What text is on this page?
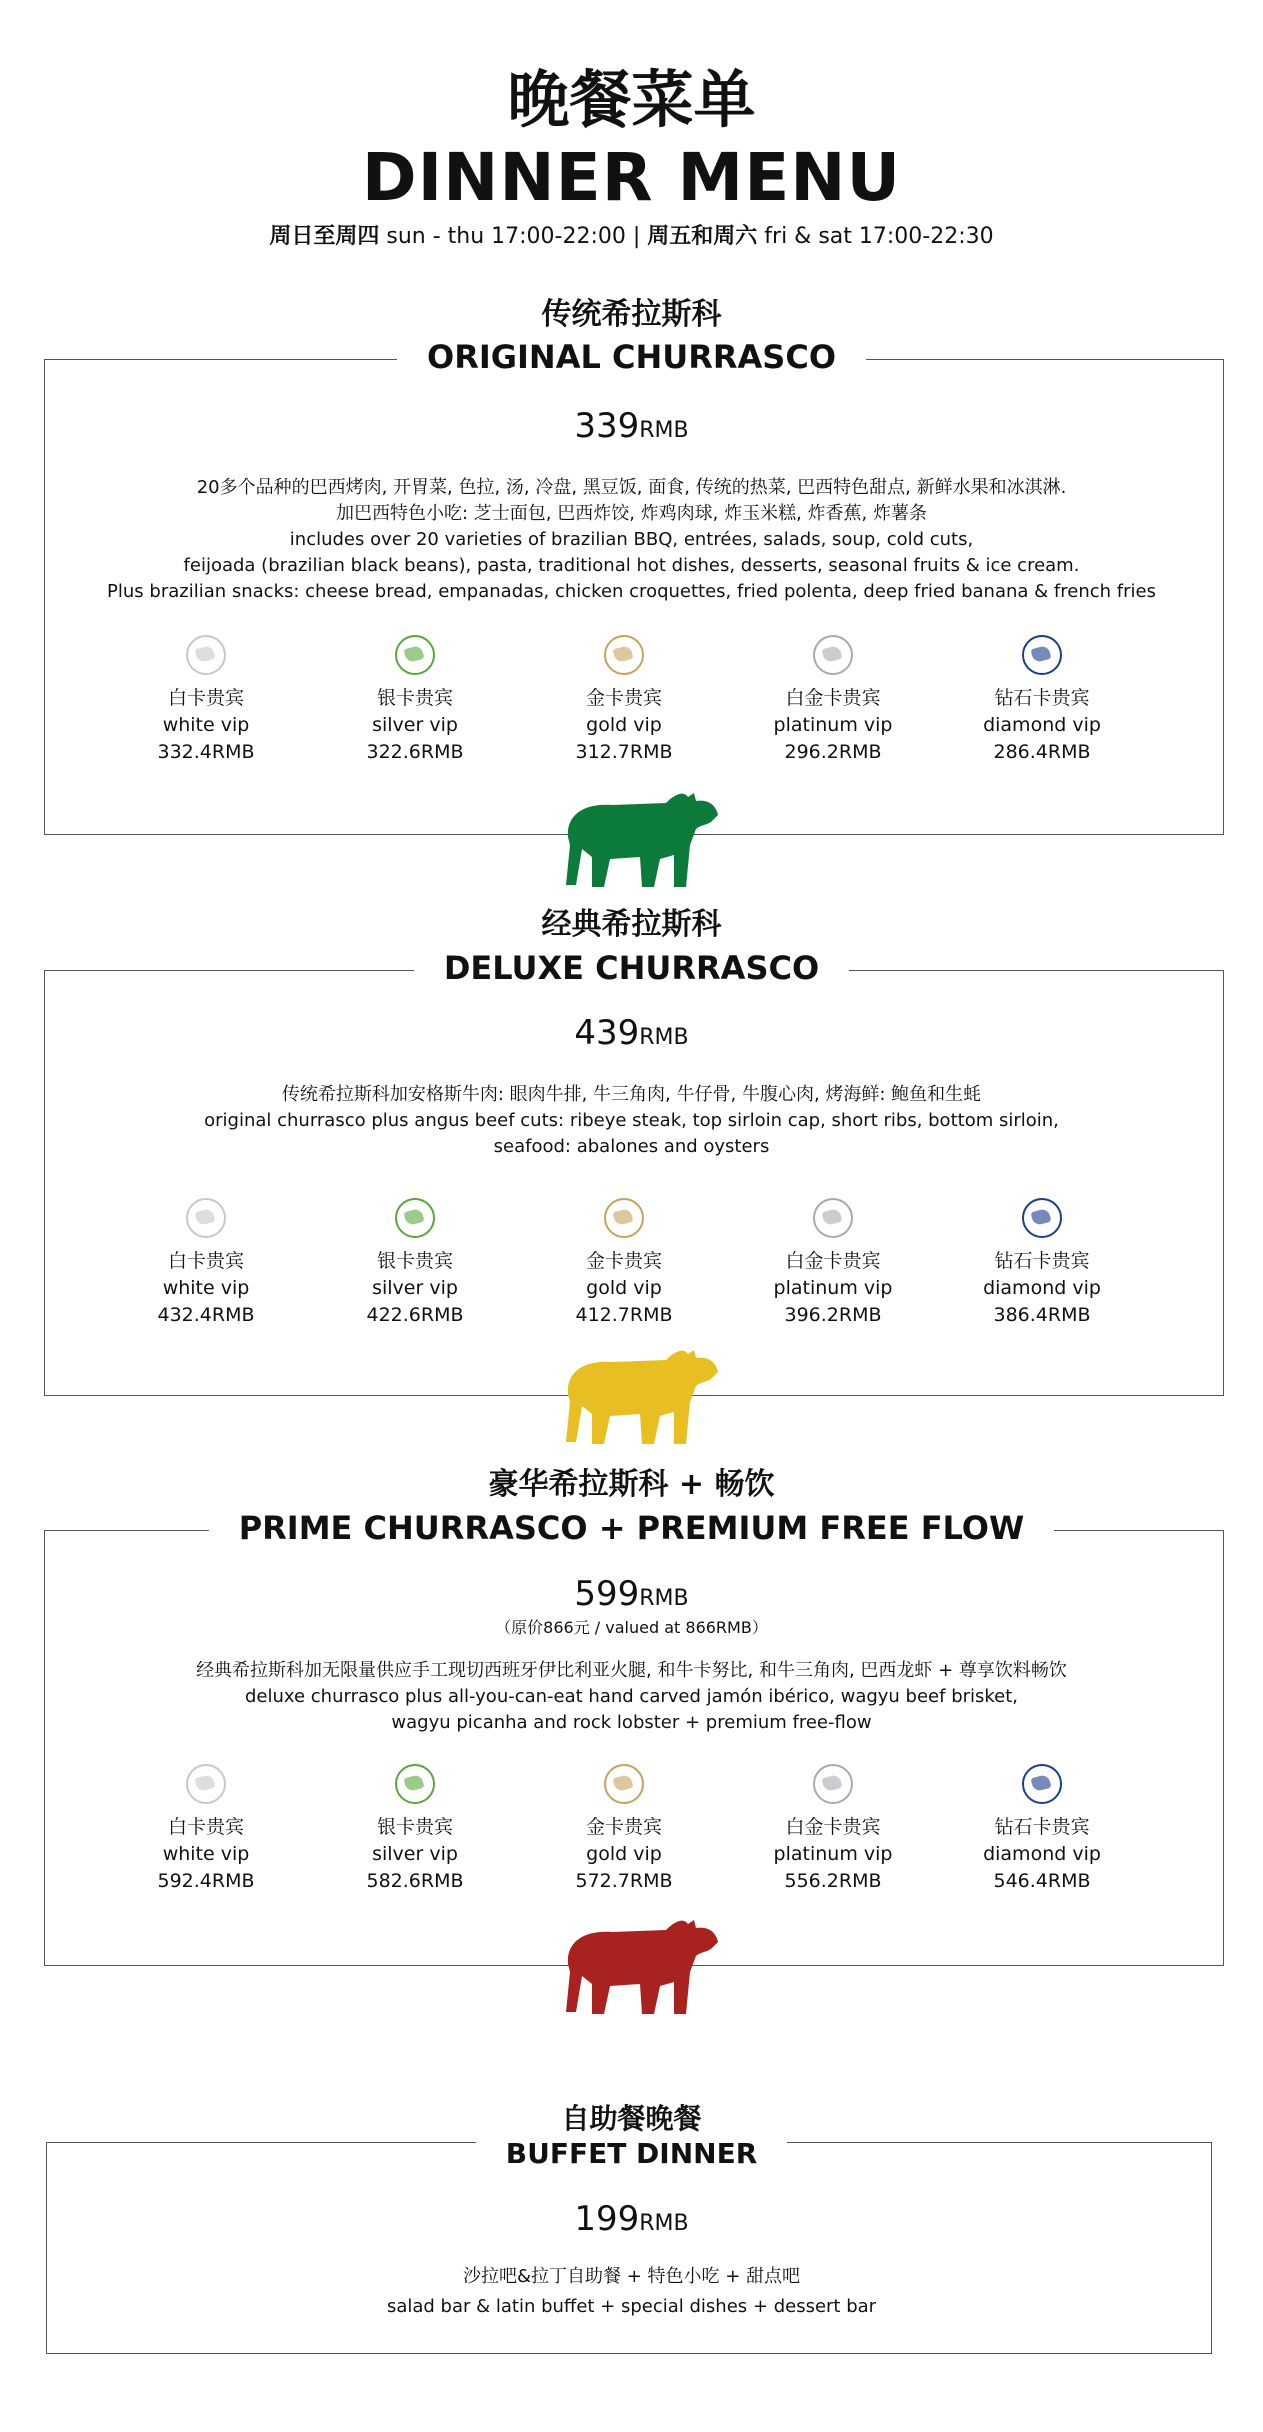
晚餐菜单
DINNER MENU
周日至周四 sun - thu 17:00-22:00 | 周五和周六 fri & sat 17:00-22:30
传统希拉斯科
ORIGINAL CHURRASCO
339RMB
20多个品种的巴西烤肉, 开胃菜, 色拉, 汤, 冷盘, 黑豆饭, 面食, 传统的热菜, 巴西特色甜点, 新鲜水果和冰淇淋.
加巴西特色小吃: 芝士面包, 巴西炸饺, 炸鸡肉球, 炸玉米糕, 炸香蕉, 炸薯条
includes over 20 varieties of brazilian BBQ, entrées, salads, soup, cold cuts,
feijoada (brazilian black beans), pasta, traditional hot dishes, desserts, seasonal fruits & ice cream.
Plus brazilian snacks: cheese bread, empanadas, chicken croquettes, fried polenta, deep fried banana & french fries
白卡贵宾
white vip
332.4RMB
银卡贵宾
silver vip
322.6RMB
金卡贵宾
gold vip
312.7RMB
白金卡贵宾
platinum vip
296.2RMB
钻石卡贵宾
diamond vip
286.4RMB
经典希拉斯科
DELUXE CHURRASCO
439RMB
传统希拉斯科加安格斯牛肉: 眼肉牛排, 牛三角肉, 牛仔骨, 牛腹心肉, 烤海鲜: 鲍鱼和生蚝
original churrasco plus angus beef cuts: ribeye steak, top sirloin cap, short ribs, bottom sirloin,
seafood: abalones and oysters
白卡贵宾
white vip
432.4RMB
银卡贵宾
silver vip
422.6RMB
金卡贵宾
gold vip
412.7RMB
白金卡贵宾
platinum vip
396.2RMB
钻石卡贵宾
diamond vip
386.4RMB
豪华希拉斯科 + 畅饮
PRIME CHURRASCO + PREMIUM FREE FLOW
599RMB
（原价866元 / valued at 866RMB）
经典希拉斯科加无限量供应手工现切西班牙伊比利亚火腿, 和牛卡努比, 和牛三角肉, 巴西龙虾 + 尊享饮料畅饮
deluxe churrasco plus all-you-can-eat hand carved jamón ibérico, wagyu beef brisket,
wagyu picanha and rock lobster + premium free-flow
白卡贵宾
white vip
592.4RMB
银卡贵宾
silver vip
582.6RMB
金卡贵宾
gold vip
572.7RMB
白金卡贵宾
platinum vip
556.2RMB
钻石卡贵宾
diamond vip
546.4RMB
自助餐晚餐
BUFFET DINNER
199RMB
沙拉吧&拉丁自助餐 + 特色小吃 + 甜点吧
salad bar & latin buffet + special dishes + dessert bar
